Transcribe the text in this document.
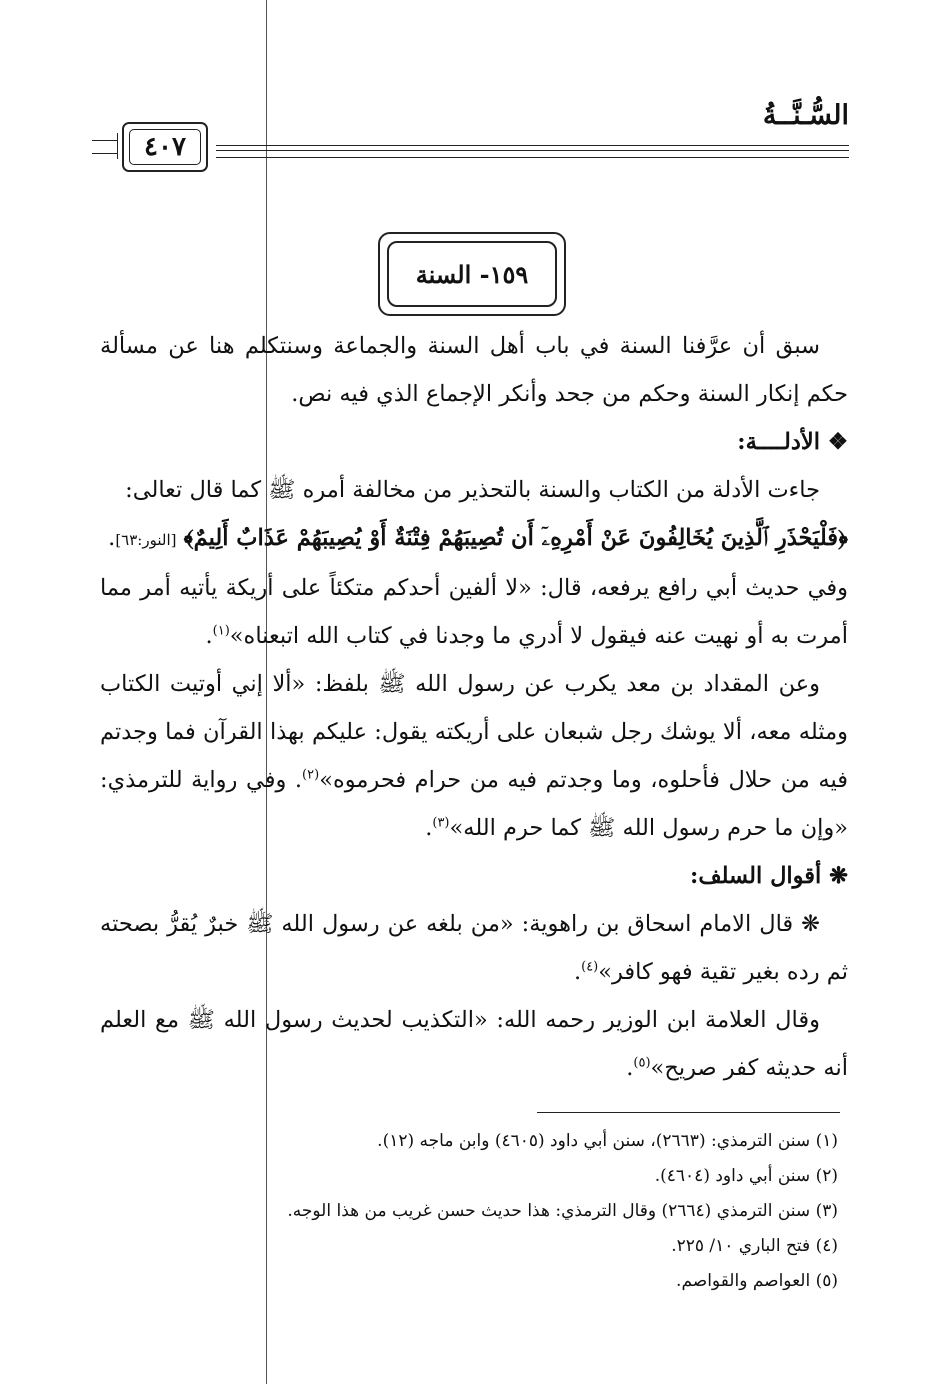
السُّـنَّــةُ
٤٠٧
١٥٩- السنة

سبق أن عرَّفنا السنة في باب أهل السنة والجماعة وسنتكلم هنا عن مسألة حكم إنكار السنة وحكم من جحد وأنكر الإجماع الذي فيه نص.

❖ الأدلــــة:

جاءت الأدلة من الكتاب والسنة بالتحذير من مخالفة أمره ﷺ كما قال تعالى:

﴿فَلْيَحْذَرِ ٱلَّذِينَ يُخَالِفُونَ عَنْ أَمْرِهِۦٓ أَن تُصِيبَهُمْ فِتْنَةٌ أَوْ يُصِيبَهُمْ عَذَابٌ أَلِيمٌ﴾ [النور:٦٣].

وفي حديث أبي رافع يرفعه، قال: «لا ألفين أحدكم متكئاً على أريكة يأتيه أمر مما أمرت به أو نهيت عنه فيقول لا أدري ما وجدنا في كتاب الله اتبعناه»$^{(١)}$.

وعن المقداد بن معد يكرب عن رسول الله ﷺ بلفظ: «ألا إني أوتيت الكتاب ومثله معه، ألا يوشك رجل شبعان على أريكته يقول: عليكم بهذا القرآن فما وجدتم فيه من حلال فأحلوه، وما وجدتم فيه من حرام فحرموه»$^{(٢)}$. وفي رواية للترمذي: «وإن ما حرم رسول الله ﷺ كما حرم الله»$^{(٣)}$.

❋ أقوال السلف:

❋ قال الامام اسحاق بن راهوية: «من بلغه عن رسول الله ﷺ خبرٌ يُقرُّ بصحته ثم رده بغير تقية فهو كافر»$^{(٤)}$.

وقال العلامة ابن الوزير رحمه الله: «التكذيب لحديث رسول الله ﷺ مع العلم أنه حديثه كفر صريح»$^{(٥)}$.

(١) سنن الترمذي: (٢٦٦٣)، سنن أبي داود (٤٦٠٥) وابن ماجه (١٢).
(٢) سنن أبي داود (٤٦٠٤).
(٣) سنن الترمذي (٢٦٦٤) وقال الترمذي: هذا حديث حسن غريب من هذا الوجه.
(٤) فتح الباري ١٠/ ٢٢٥.
(٥) العواصم والقواصم.
